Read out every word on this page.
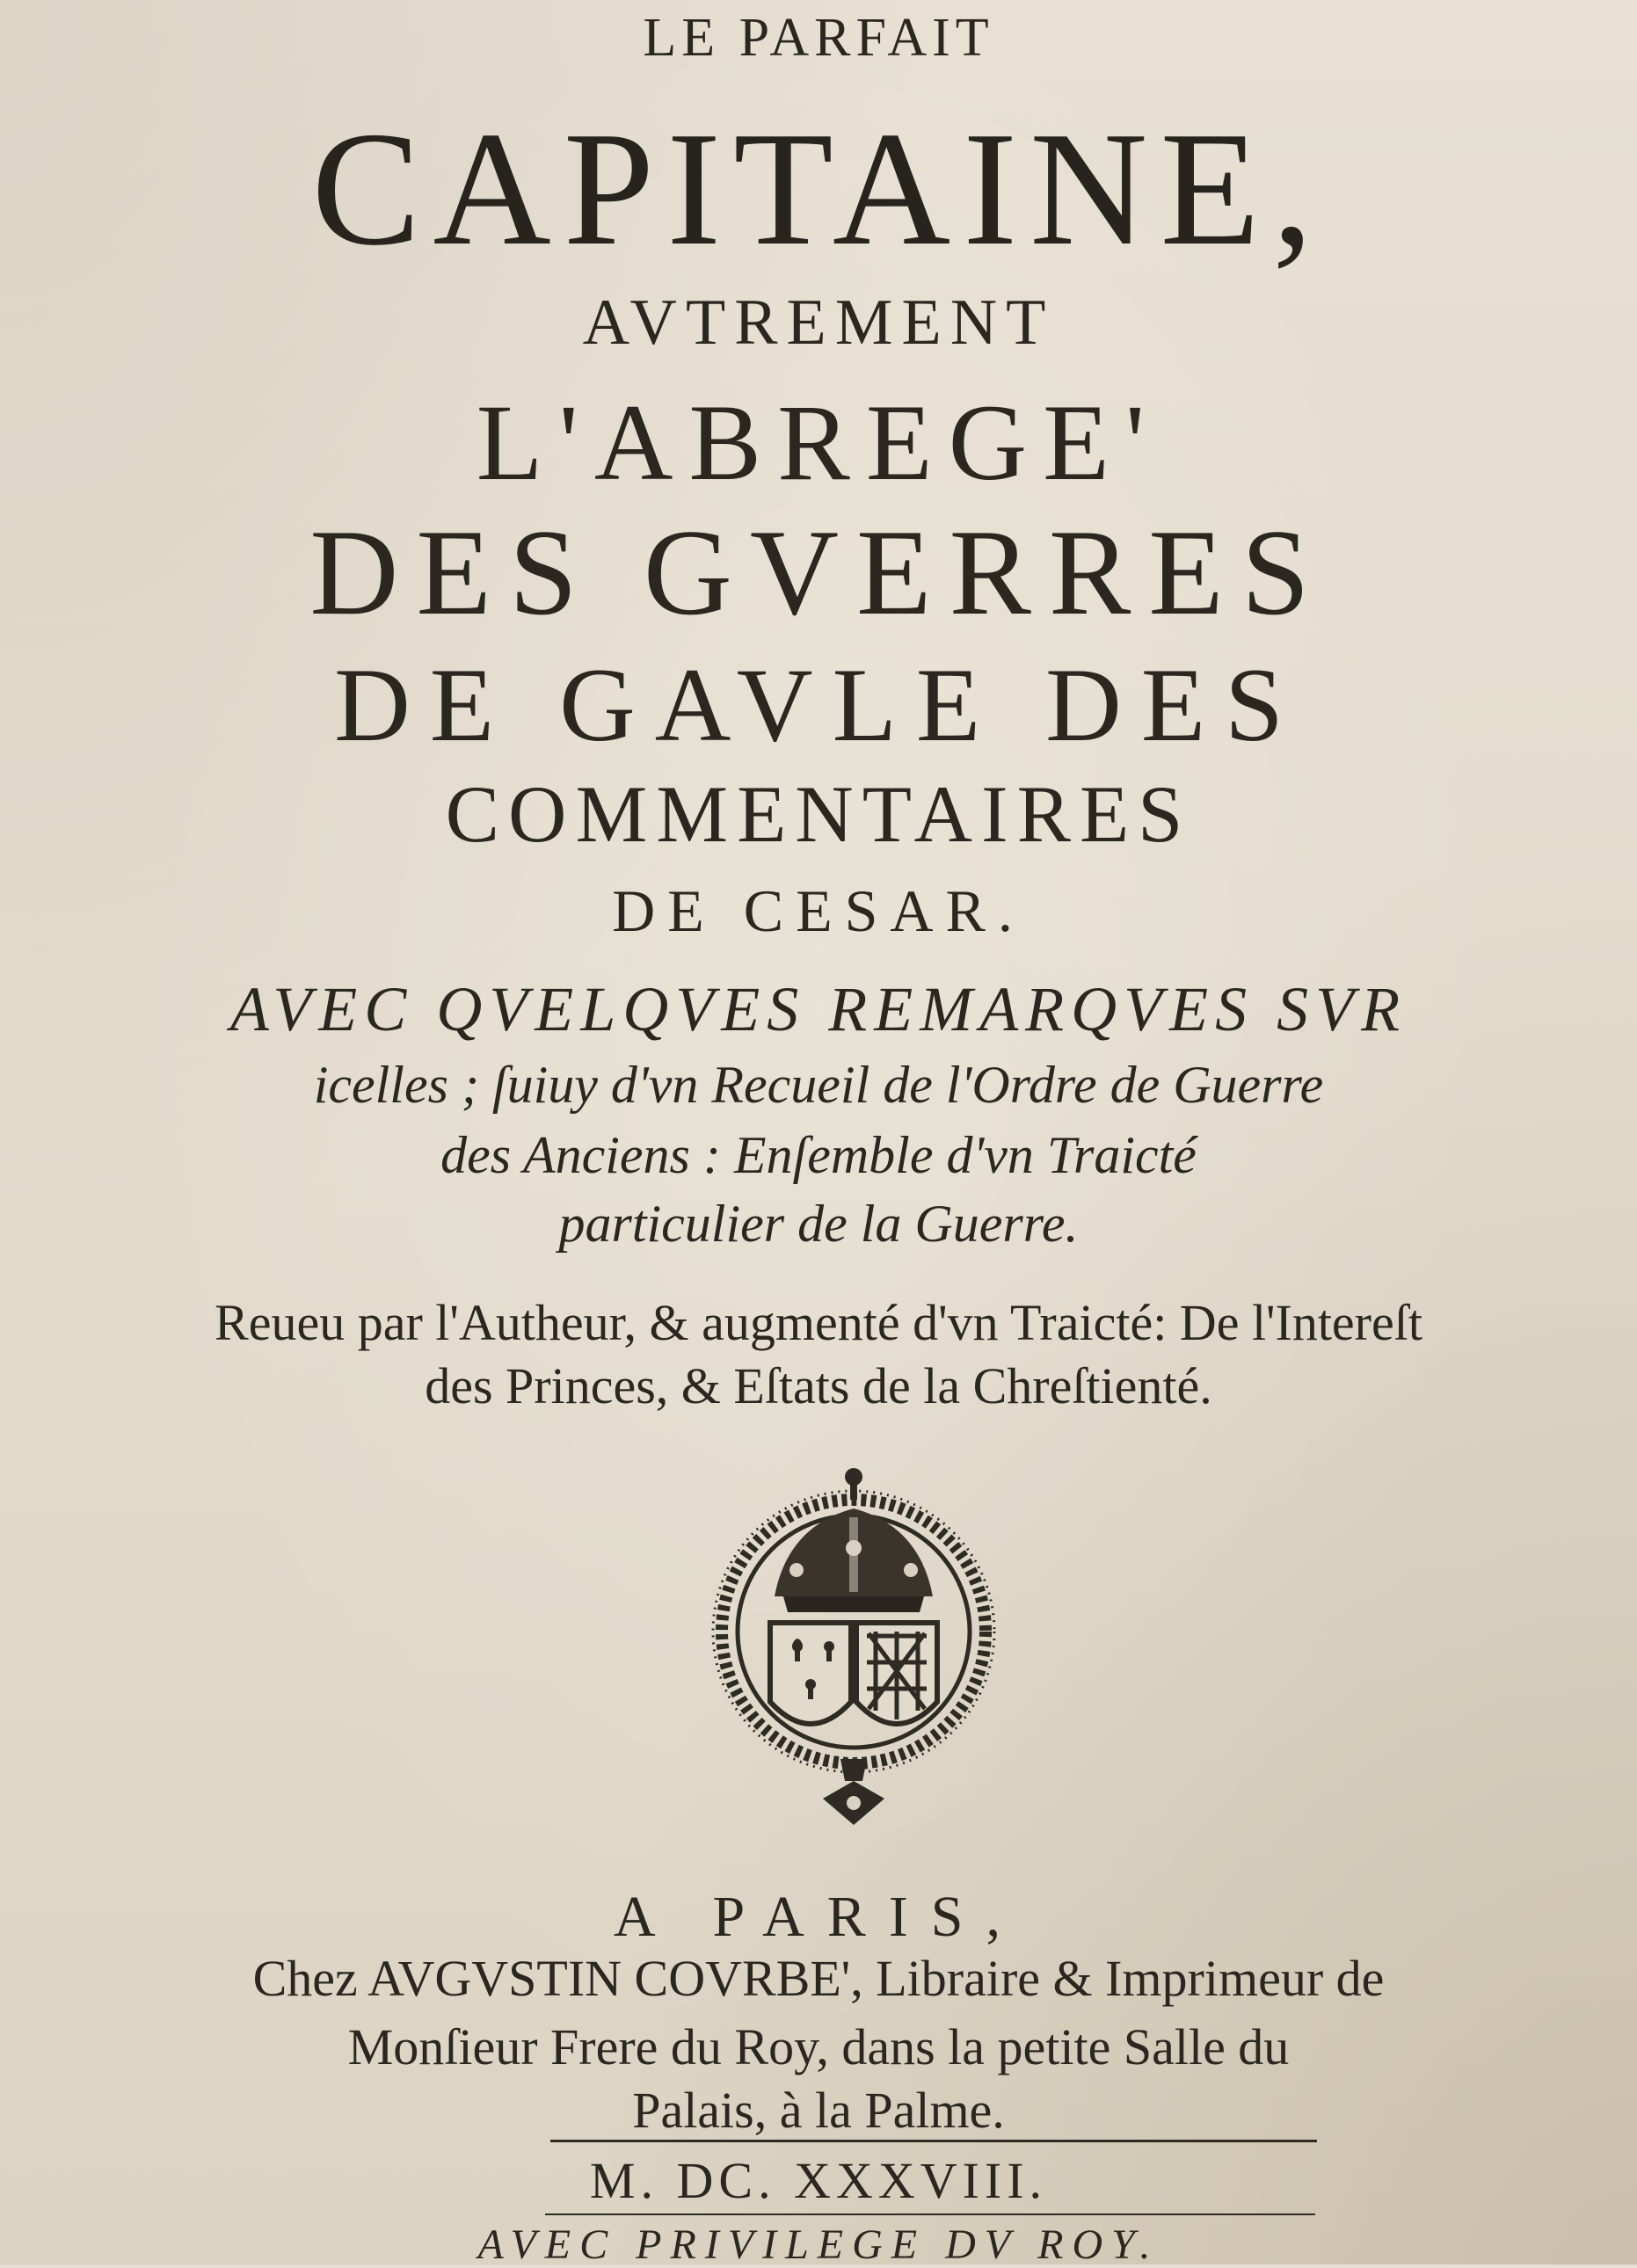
LE PARFAIT
CAPITAINE,
AVTREMENT
L'ABREGE'
DES GVERRES
DE GAVLE DES
COMMENTAIRES
DE CESAR.
AVEC QVELQVES REMARQVES SVR
icelles ; ſuiuy d'vn Recueil de l'Ordre de Guerre
des Anciens : Enſemble d'vn Traicté
particulier de la Guerre.
Reueu par l'Autheur, & augmenté d'vn Traicté: De l'Intereſt
des Princes, & Eſtats de la Chreſtienté.
A PARIS,
Chez AVGVSTIN COVRBE', Libraire & Imprimeur de
Monſieur Frere du Roy, dans la petite Salle du
Palais, à la Palme.
M. DC. XXXVIII.
AVEC PRIVILEGE DV ROY.
